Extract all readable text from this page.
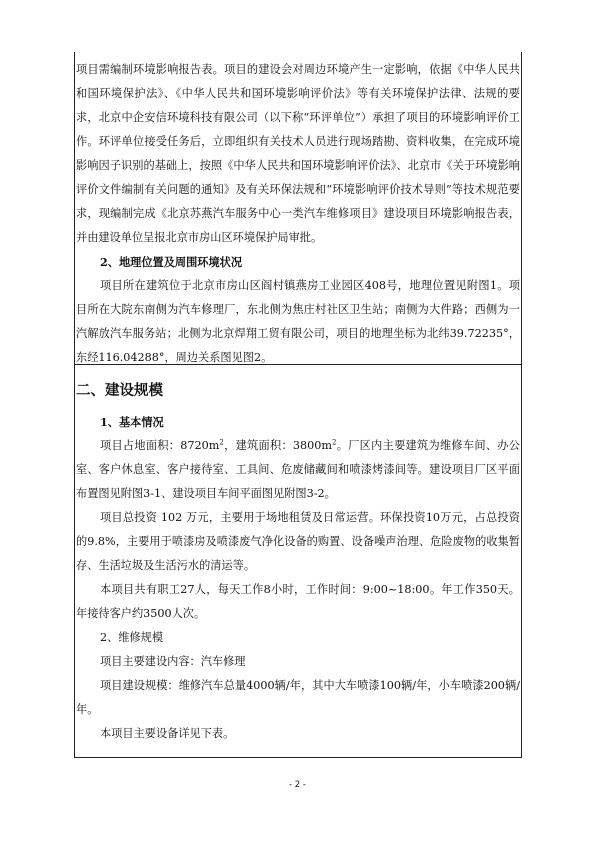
项目需编制环境影响报告表。项目的建设会对周边环境产生一定影响，依据《中华人民共和国环境保护法》、《中华人民共和国环境影响评价法》等有关环境保护法律、法规的要求，北京中企安信环境科技有限公司（以下称“环评单位”）承担了项目的环境影响评价工作。环评单位接受任务后，立即组织有关技术人员进行现场踏勘、资料收集，在完成环境影响因子识别的基础上，按照《中华人民共和国环境影响评价法》、北京市《关于环境影响评价文件编制有关问题的通知》及有关环保法规和“环境影响评价技术导则”等技术规范要求，现编制完成《北京苏燕汽车服务中心一类汽车维修项目》建设项目环境影响报告表，并由建设单位呈报北京市房山区环境保护局审批。

2、地理位置及周围环境状况

项目所在建筑位于北京市房山区阎村镇燕房工业园区408号，地理位置见附图1。项目所在大院东南侧为汽车修理厂，东北侧为焦庄村社区卫生站；南侧为大件路；西侧为一汽解放汽车服务站；北侧为北京焊翔工贸有限公司，项目的地理坐标为北纬39.72235°，东经116.04288°，周边关系图见图2。

二、建设规模

1、基本情况

项目占地面积：$8720m^2$，建筑面积：$3800m^2$。厂区内主要建筑为维修车间、办公室、客户休息室、客户接待室、工具间、危废储藏间和喷漆烤漆间等。建设项目厂区平面布置图见附图3-1、建设项目车间平面图见附图3-2。

项目总投资 102 万元，主要用于场地租赁及日常运营。环保投资10万元，占总投资的9.8%，主要用于喷漆房及喷漆废气净化设备的购置、设备噪声治理、危险废物的收集暂存、生活垃圾及生活污水的清运等。

本项目共有职工27人，每天工作8小时，工作时间：9:00~18:00。年工作350天。年接待客户约3500人次。

2、维修规模

项目主要建设内容：汽车修理

项目建设规模：维修汽车总量4000辆/年，其中大车喷漆100辆/年，小车喷漆200辆/年。

本项目主要设备详见下表。

- 2 -
